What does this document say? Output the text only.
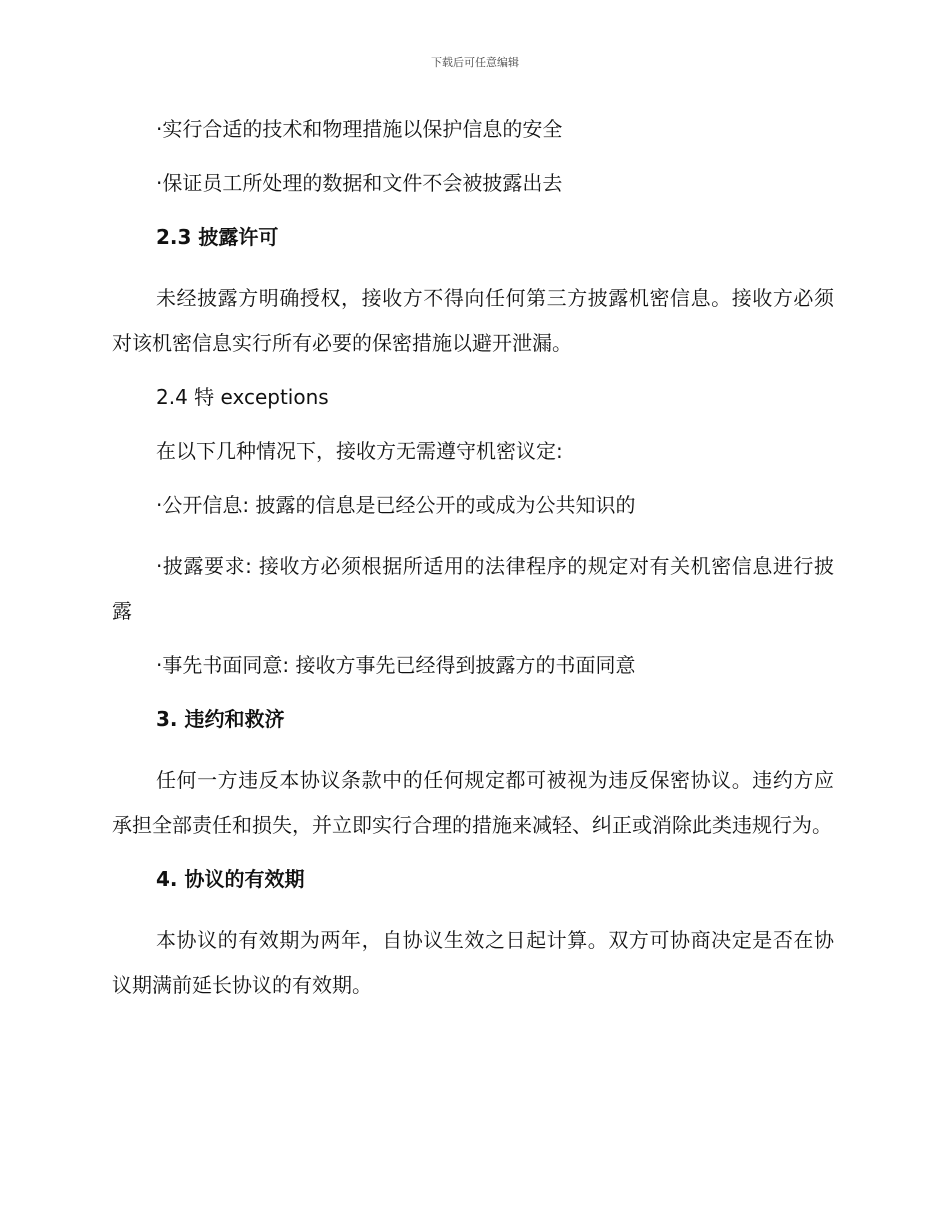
下载后可任意编辑

·实行合适的技术和物理措施以保护信息的安全

·保证员工所处理的数据和文件不会被披露出去

2.3 披露许可

未经披露方明确授权，接收方不得向任何第三方披露机密信息。接收方必须对该机密信息实行所有必要的保密措施以避开泄漏。

2.4 特 exceptions

在以下几种情况下，接收方无需遵守机密议定:

·公开信息: 披露的信息是已经公开的或成为公共知识的

·披露要求: 接收方必须根据所适用的法律程序的规定对有关机密信息进行披露

·事先书面同意: 接收方事先已经得到披露方的书面同意

3. 违约和救济

任何一方违反本协议条款中的任何规定都可被视为违反保密协议。违约方应承担全部责任和损失，并立即实行合理的措施来减轻、纠正或消除此类违规行为。

4. 协议的有效期

本协议的有效期为两年，自协议生效之日起计算。双方可协商决定是否在协议期满前延长协议的有效期。
